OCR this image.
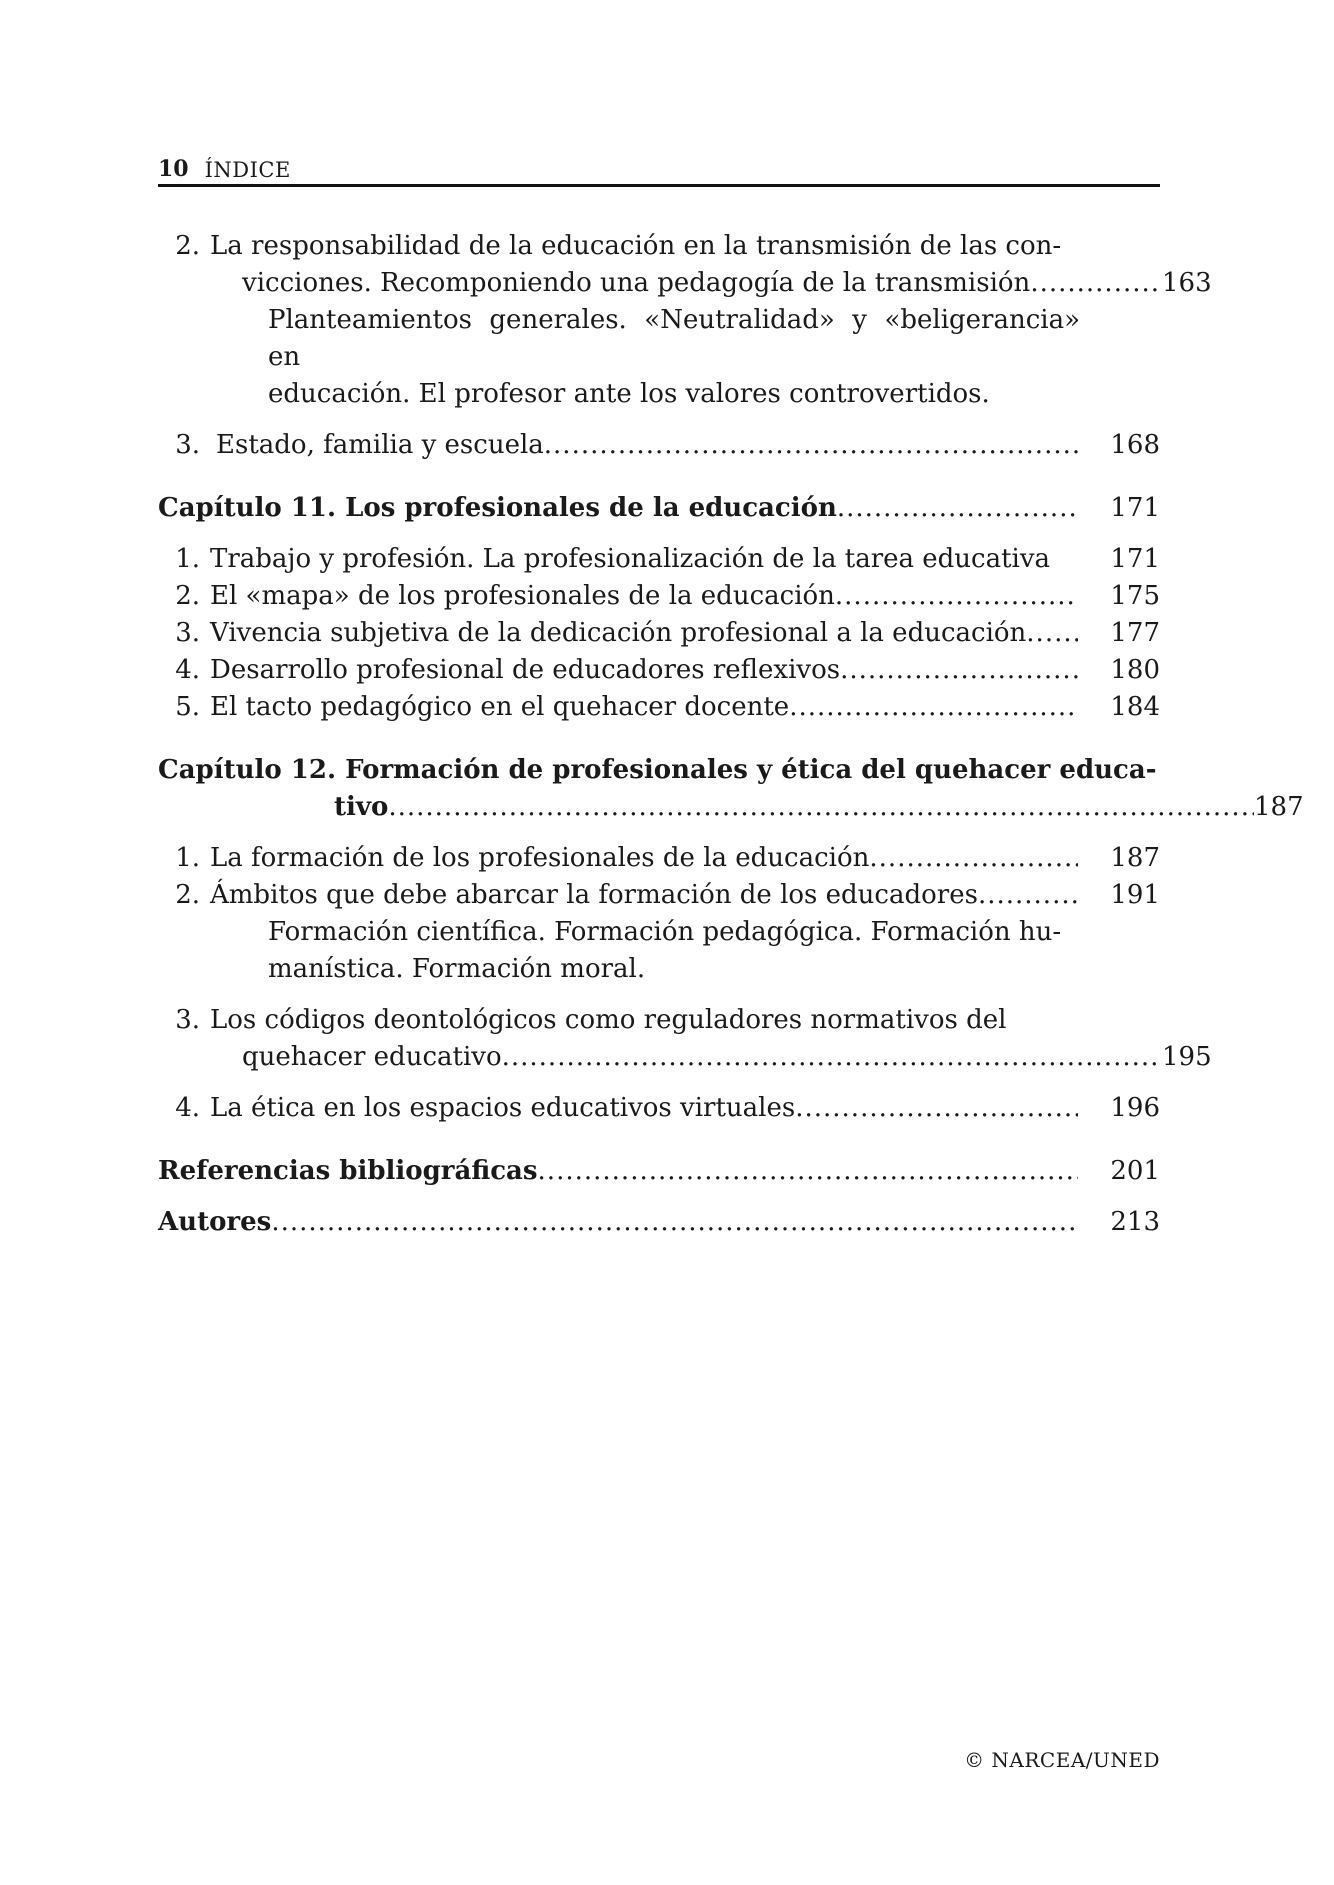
10 ÍNDICE
2. La responsabilidad de la educación en la transmisión de las con-
vicciones. Recomponiendo una pedagogía de la transmisión .....	163
Planteamientos generales. «Neutralidad» y «beligerancia» en
educación. El profesor ante los valores controvertidos.
3. Estado, familia y escuela .....	168
Capítulo 11. Los profesionales de la educación .....	171
1. Trabajo y profesión. La profesionalización de la tarea educativa	171
2. El «mapa» de los profesionales de la educación .....	175
3. Vivencia subjetiva de la dedicación profesional a la educación .....	177
4. Desarrollo profesional de educadores reflexivos .....	180
5. El tacto pedagógico en el quehacer docente .....	184
Capítulo 12. Formación de profesionales y ética del quehacer educa-
tivo .....	187
1. La formación de los profesionales de la educación .....	187
2. Ámbitos que debe abarcar la formación de los educadores .....	191
Formación científica. Formación pedagógica. Formación hu-
manística. Formación moral.
3. Los códigos deontológicos como reguladores normativos del
quehacer educativo .....	195
4. La ética en los espacios educativos virtuales .....	196
Referencias bibliográficas .....	201
Autores .....	213
© NARCEA/UNED
